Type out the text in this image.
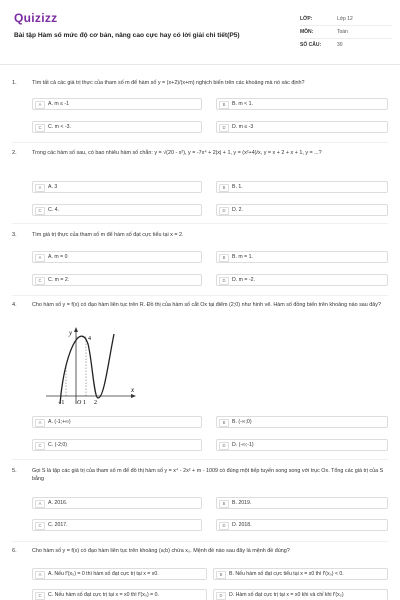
Quizizz
Bài tập Hàm số mức độ cơ bản, nâng cao cực hay có lời giải chi tiết(P5)
LỚP:	Lớp 12
MÔN:	Toán
SỐ CÂU:	30
1.	Tìm tất cả các giá trị thực của tham số m để hàm số y = (x+2)/(x+m) nghịch biến trên các khoảng mà nó xác định?
A	A. m ≤ -1	B	B. m < 1.
C	C. m < -3.	D	D. m ≤ -3
2.	Trong các hàm số sau, có bao nhiêu hàm số chẵn: y = √(20 - x²), y = -7x⁴ + 2|x| + 1, y = (x²+4)/x, y = x + 2 + x + 1, y = ...?
A	A. 3	B	B. 1.
C	C. 4.	D	D. 2.
3.	Tìm giá trị thực của tham số m để hàm số đạt cực tiểu tại x = 2.
A	A. m = 0	B	B. m = 1.
C	C. m = 2.	D	D. m = -2.
4.	Cho hàm số y = f(x) có đạo hàm liên tục trên R. Đồ thị của hàm số cắt Ox tại điểm (2;0) như hình vẽ. Hàm số đồng biến trên khoảng nào sau đây?
y
x
O
4
−1	1 2
A	A. (-1;+∞)	B	B. (-∞;0)
C	C. (-2;0)	D	D. (-∞;-1)
5.	Gọi S là tập các giá trị của tham số m để đồ thị hàm số y = x⁴ - 2x² + m - 1009 có đúng một tiếp tuyến song song với trục Ox. Tổng các giá trị của S bằng
A	A. 2016.	B	B. 2019.
C	C. 2017.	D	D. 2018.
6.	Cho hàm số y = f(x) có đạo hàm liên tục trên khoảng (a;b) chứa x₀. Mệnh đề nào sau đây là mệnh đề đúng?
A	A. Nếu f'(x₀) = 0 thì hàm số đạt cực trị tại x = x0.	B	B. Nếu hàm số đạt cực tiểu tại x = x0 thì f'(x₀) < 0.
C	C. Nếu hàm số đạt cực trị tại x = x0 thì f'(x₀) = 0.	D	D. Hàm số đạt cực trị tại x = x0 khi và chỉ khi f'(x₀)
